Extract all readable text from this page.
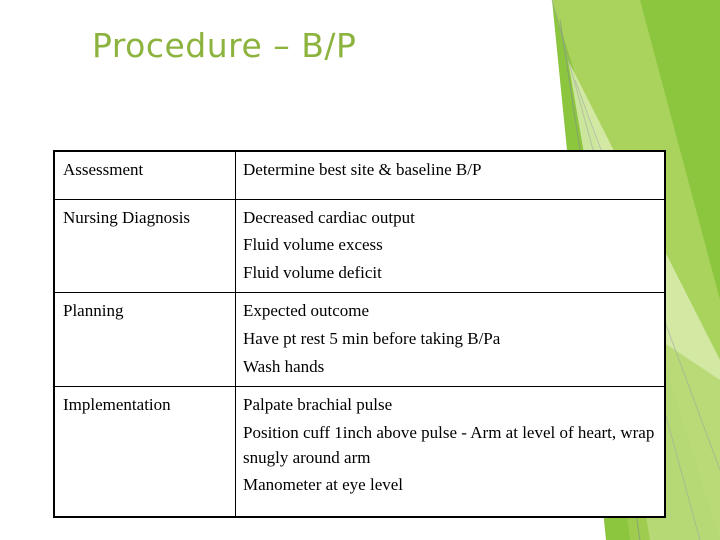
Procedure – B/P
Assessment	Determine best site & baseline B/P

Nursing Diagnosis	Decreased cardiac output
Fluid volume excess
Fluid volume deficit

Planning	Expected outcome
Have pt rest 5 min before taking B/Pa
Wash hands

Implementation	Palpate brachial pulse
Position cuff 1inch above pulse - Arm at level of heart, wrap snugly around arm
Manometer at eye level
